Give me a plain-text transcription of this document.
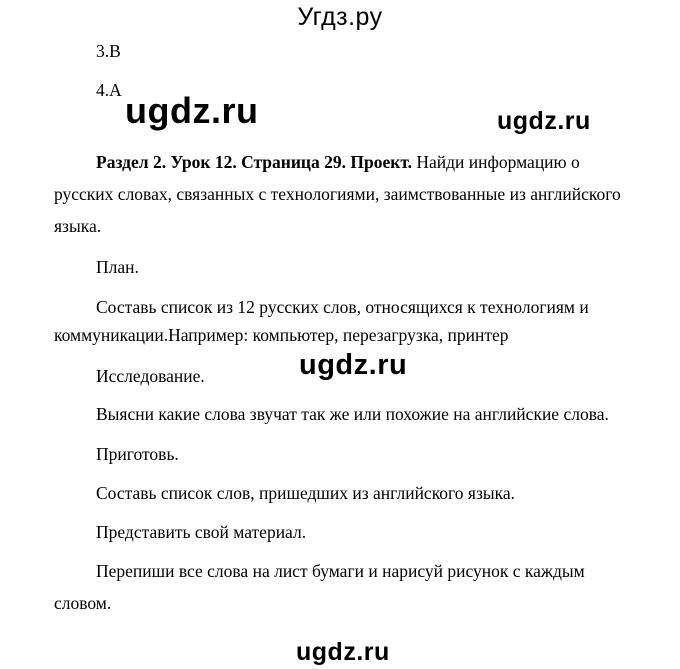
Угдз.ру
3.В
4.А ugdz.ru	ugdz.ru
Раздел 2. Урок 12. Страница 29. Проект. Найди информацию о
русских словах, связанных с технологиями, заимствованные из английского
языка.
План.
Составь список из 12 русских слов, относящихся к технологиям и
коммуникации.Например: компьютер, перезагрузка, принтер
Исследование.	ugdz.ru
Выясни какие слова звучат так же или похожие на английские слова.
Приготовь.
Составь список слов, пришедших из английского языка.
Представить свой материал.
Перепиши все слова на лист бумаги и нарисуй рисунок с каждым
словом.
ugdz.ru
